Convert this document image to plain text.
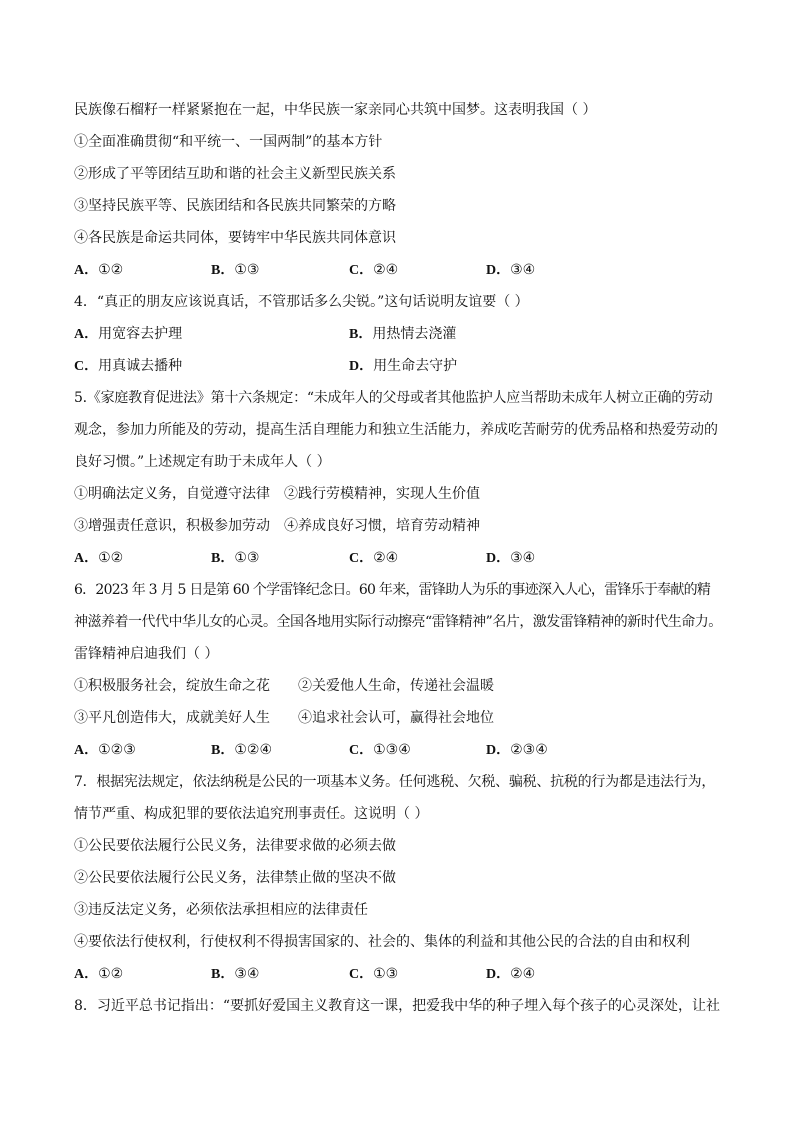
民族像石榴籽一样紧紧抱在一起，中华民族一家亲同心共筑中国梦。这表明我国（ ）
①全面准确贯彻“和平统一、一国两制”的基本方针
②形成了平等团结互助和谐的社会主义新型民族关系
③坚持民族平等、民族团结和各民族共同繁荣的方略
④各民族是命运共同体，要铸牢中华民族共同体意识
A．①②	B．①③	C．②④	D．③④
4．“真正的朋友应该说真话，不管那话多么尖锐。”这句话说明友谊要（ ）
A．用宽容去护理	B．用热情去浇灌
C．用真诚去播种	D．用生命去守护
5.《家庭教育促进法》第十六条规定：“未成年人的父母或者其他监护人应当帮助未成年人树立正确的劳动
观念，参加力所能及的劳动，提高生活自理能力和独立生活能力，养成吃苦耐劳的优秀品格和热爱劳动的
良好习惯。”上述规定有助于未成年人（ ）
①明确法定义务，自觉遵守法律　②践行劳模精神，实现人生价值
③增强责任意识，积极参加劳动　④养成良好习惯，培育劳动精神
A．①②	B．①③	C．②④	D．③④
6．2023 年 3 月 5 日是第 60 个学雷锋纪念日。60 年来，雷锋助人为乐的事迹深入人心，雷锋乐于奉献的精
神滋养着一代代中华儿女的心灵。全国各地用实际行动擦亮“雷锋精神”名片，激发雷锋精神的新时代生命力。
雷锋精神启迪我们（ ）
①积极服务社会，绽放生命之花　　②关爱他人生命，传递社会温暖
③平凡创造伟大，成就美好人生　　④追求社会认可，赢得社会地位
A．①②③	B．①②④	C．①③④	D．②③④
7．根据宪法规定，依法纳税是公民的一项基本义务。任何逃税、欠税、骗税、抗税的行为都是违法行为，
情节严重、构成犯罪的要依法追究刑事责任。这说明（ ）
①公民要依法履行公民义务，法律要求做的必须去做
②公民要依法履行公民义务，法律禁止做的坚决不做
③违反法定义务，必须依法承担相应的法律责任
④要依法行使权利，行使权利不得损害国家的、社会的、集体的利益和其他公民的合法的自由和权利
A．①②	B．③④	C．①③	D．②④
8．习近平总书记指出：“要抓好爱国主义教育这一课，把爱我中华的种子埋入每个孩子的心灵深处，让社
